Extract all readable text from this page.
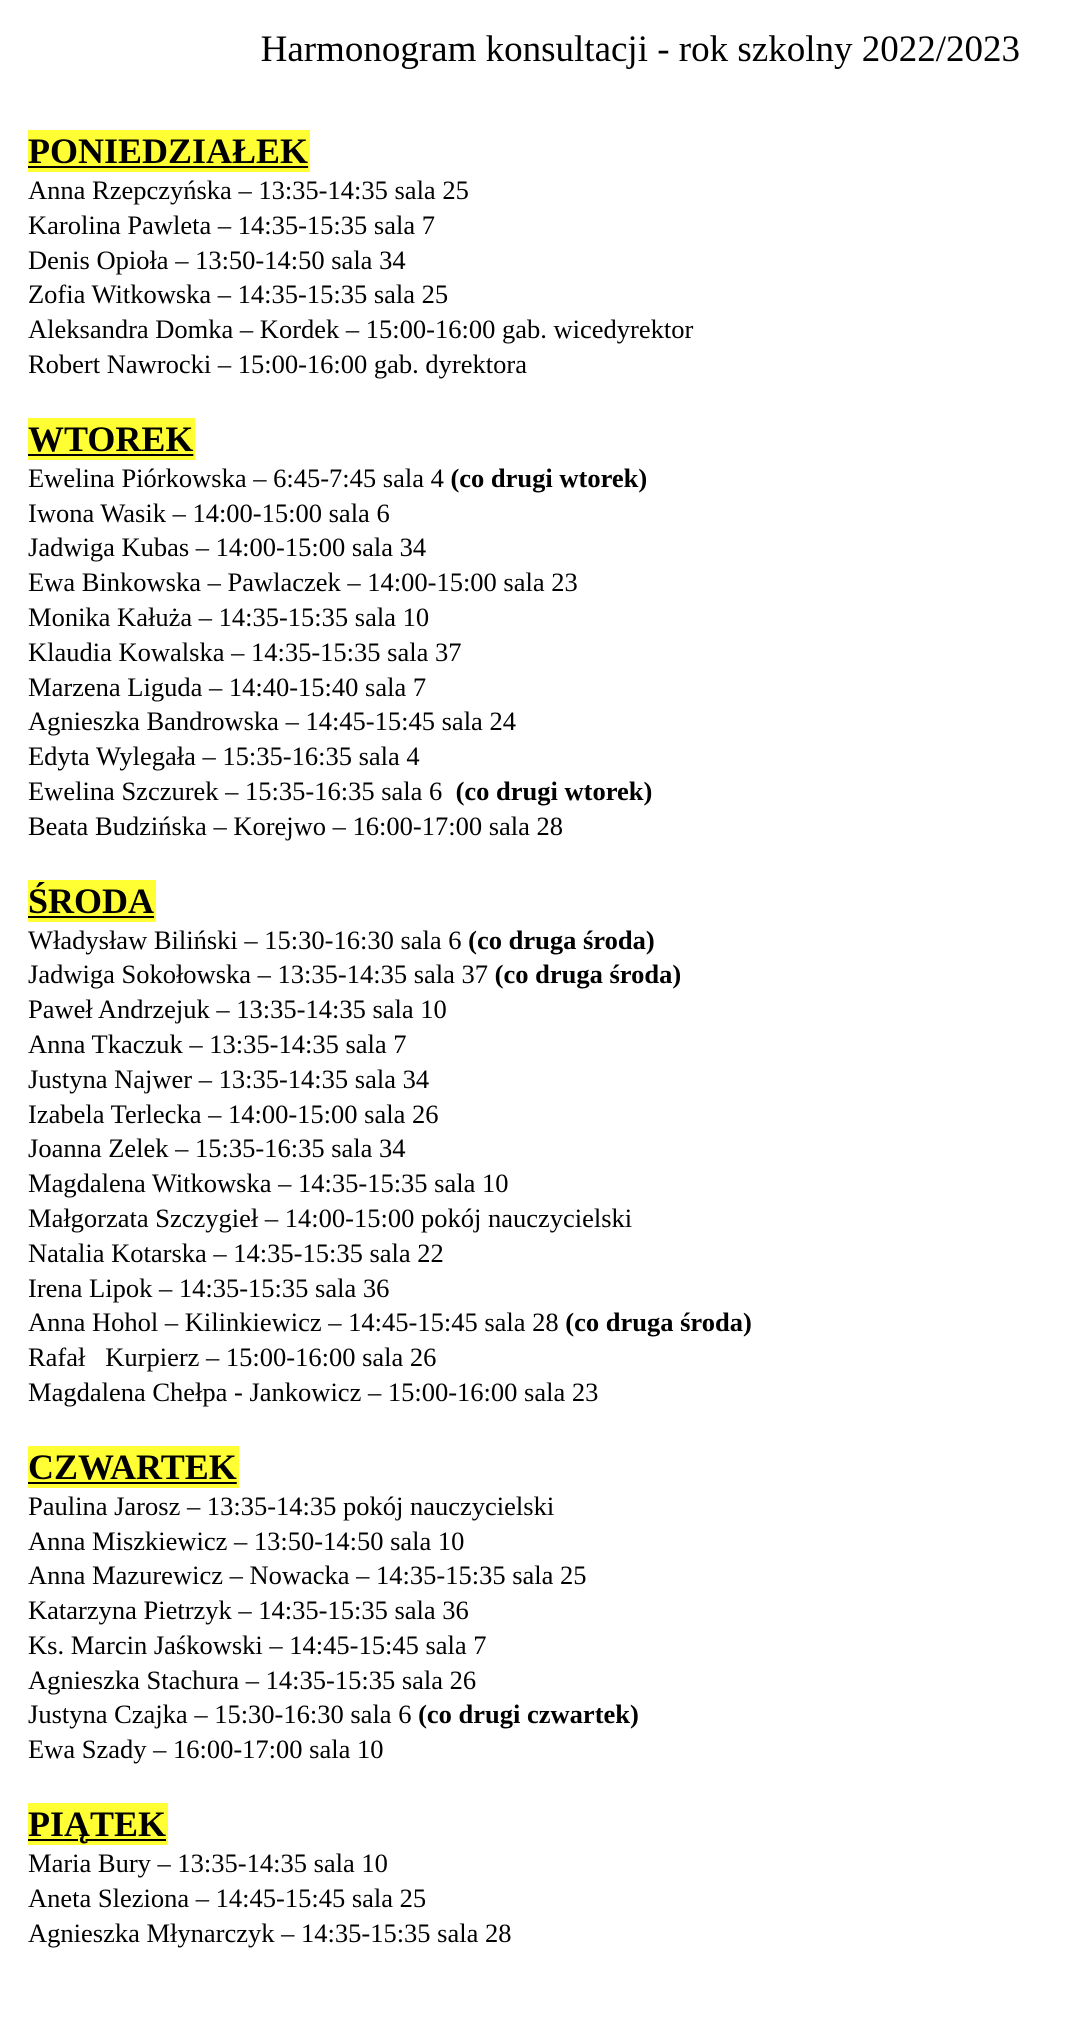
Harmonogram konsultacji - rok szkolny 2022/2023
PONIEDZIAŁEK
Anna Rzepczyńska – 13:35-14:35 sala 25
Karolina Pawleta – 14:35-15:35 sala 7
Denis Opioła – 13:50-14:50 sala 34
Zofia Witkowska – 14:35-15:35 sala 25
Aleksandra Domka – Kordek – 15:00-16:00 gab. wicedyrektor
Robert Nawrocki – 15:00-16:00 gab. dyrektora
WTOREK
Ewelina Piórkowska – 6:45-7:45 sala 4 (co drugi wtorek)
Iwona Wasik – 14:00-15:00 sala 6
Jadwiga Kubas – 14:00-15:00 sala 34
Ewa Binkowska – Pawlaczek – 14:00-15:00 sala 23
Monika Kałuża – 14:35-15:35 sala 10
Klaudia Kowalska – 14:35-15:35 sala 37
Marzena Liguda – 14:40-15:40 sala 7
Agnieszka Bandrowska – 14:45-15:45 sala 24
Edyta Wylegała – 15:35-16:35 sala 4
Ewelina Szczurek – 15:35-16:35 sala 6  (co drugi wtorek)
Beata Budzińska – Korejwo – 16:00-17:00 sala 28
ŚRODA
Władysław Biliński – 15:30-16:30 sala 6 (co druga środa)
Jadwiga Sokołowska – 13:35-14:35 sala 37 (co druga środa)
Paweł Andrzejuk – 13:35-14:35 sala 10
Anna Tkaczuk – 13:35-14:35 sala 7
Justyna Najwer – 13:35-14:35 sala 34
Izabela Terlecka – 14:00-15:00 sala 26
Joanna Zelek – 15:35-16:35 sala 34
Magdalena Witkowska – 14:35-15:35 sala 10
Małgorzata Szczygieł – 14:00-15:00 pokój nauczycielski
Natalia Kotarska – 14:35-15:35 sala 22
Irena Lipok – 14:35-15:35 sala 36
Anna Hohol – Kilinkiewicz – 14:45-15:45 sala 28 (co druga środa)
Rafał   Kurpierz – 15:00-16:00 sala 26
Magdalena Chełpa - Jankowicz – 15:00-16:00 sala 23
CZWARTEK
Paulina Jarosz – 13:35-14:35 pokój nauczycielski
Anna Miszkiewicz – 13:50-14:50 sala 10
Anna Mazurewicz – Nowacka – 14:35-15:35 sala 25
Katarzyna Pietrzyk – 14:35-15:35 sala 36
Ks. Marcin Jaśkowski – 14:45-15:45 sala 7
Agnieszka Stachura – 14:35-15:35 sala 26
Justyna Czajka – 15:30-16:30 sala 6 (co drugi czwartek)
Ewa Szady – 16:00-17:00 sala 10
PIĄTEK
Maria Bury – 13:35-14:35 sala 10
Aneta Sleziona – 14:45-15:45 sala 25
Agnieszka Młynarczyk – 14:35-15:35 sala 28
